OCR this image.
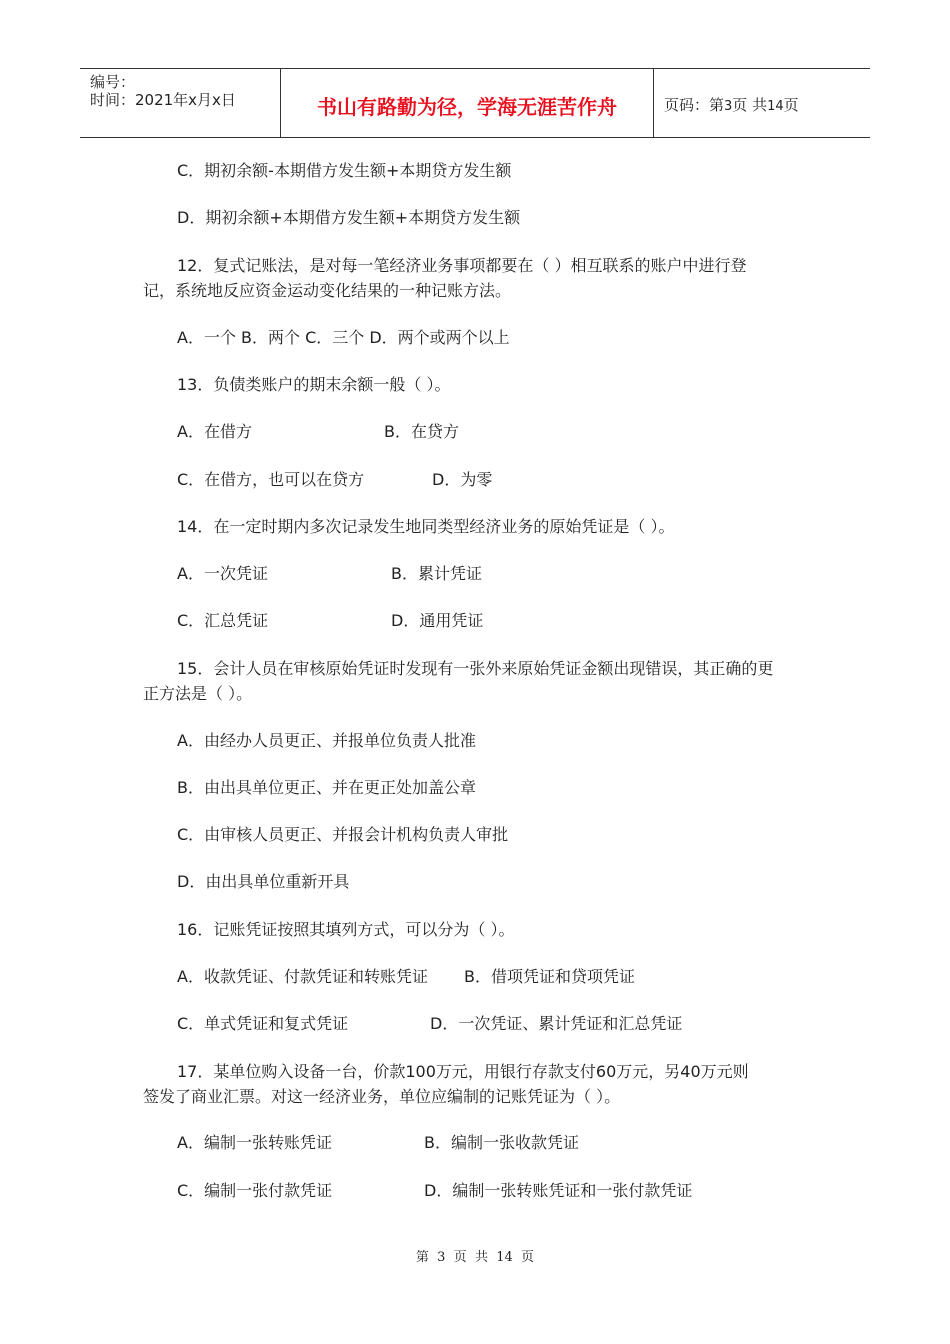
编号：
时间：2021年x月x日	书山有路勤为径，学海无涯苦作舟	页码：第3页 共14页
C．期初余额-本期借方发生额+本期贷方发生额
D．期初余额+本期借方发生额+本期贷方发生额
12．复式记账法，是对每一笔经济业务事项都要在（ ）相互联系的账户中进行登
记，系统地反应资金运动变化结果的一种记账方法。
A．一个 B．两个 C．三个 D．两个或两个以上
13．负债类账户的期末余额一般（ ）。
A．在借方	B．在贷方
C．在借方，也可以在贷方	D．为零
14．在一定时期内多次记录发生地同类型经济业务的原始凭证是（ ）。
A．一次凭证	B．累计凭证
C．汇总凭证	D．通用凭证
15．会计人员在审核原始凭证时发现有一张外来原始凭证金额出现错误，其正确的更
正方法是（ ）。
A．由经办人员更正、并报单位负责人批准
B．由出具单位更正、并在更正处加盖公章
C．由审核人员更正、并报会计机构负责人审批
D．由出具单位重新开具
16．记账凭证按照其填列方式，可以分为（ ）。
A．收款凭证、付款凭证和转账凭证 B．借项凭证和贷项凭证
C．单式凭证和复式凭证	D．一次凭证、累计凭证和汇总凭证
17．某单位购入设备一台，价款100万元，用银行存款支付60万元，另40万元则
签发了商业汇票。对这一经济业务，单位应编制的记账凭证为（ ）。
A．编制一张转账凭证	B．编制一张收款凭证
C．编制一张付款凭证	D．编制一张转账凭证和一张付款凭证
第  3  页  共  14  页
